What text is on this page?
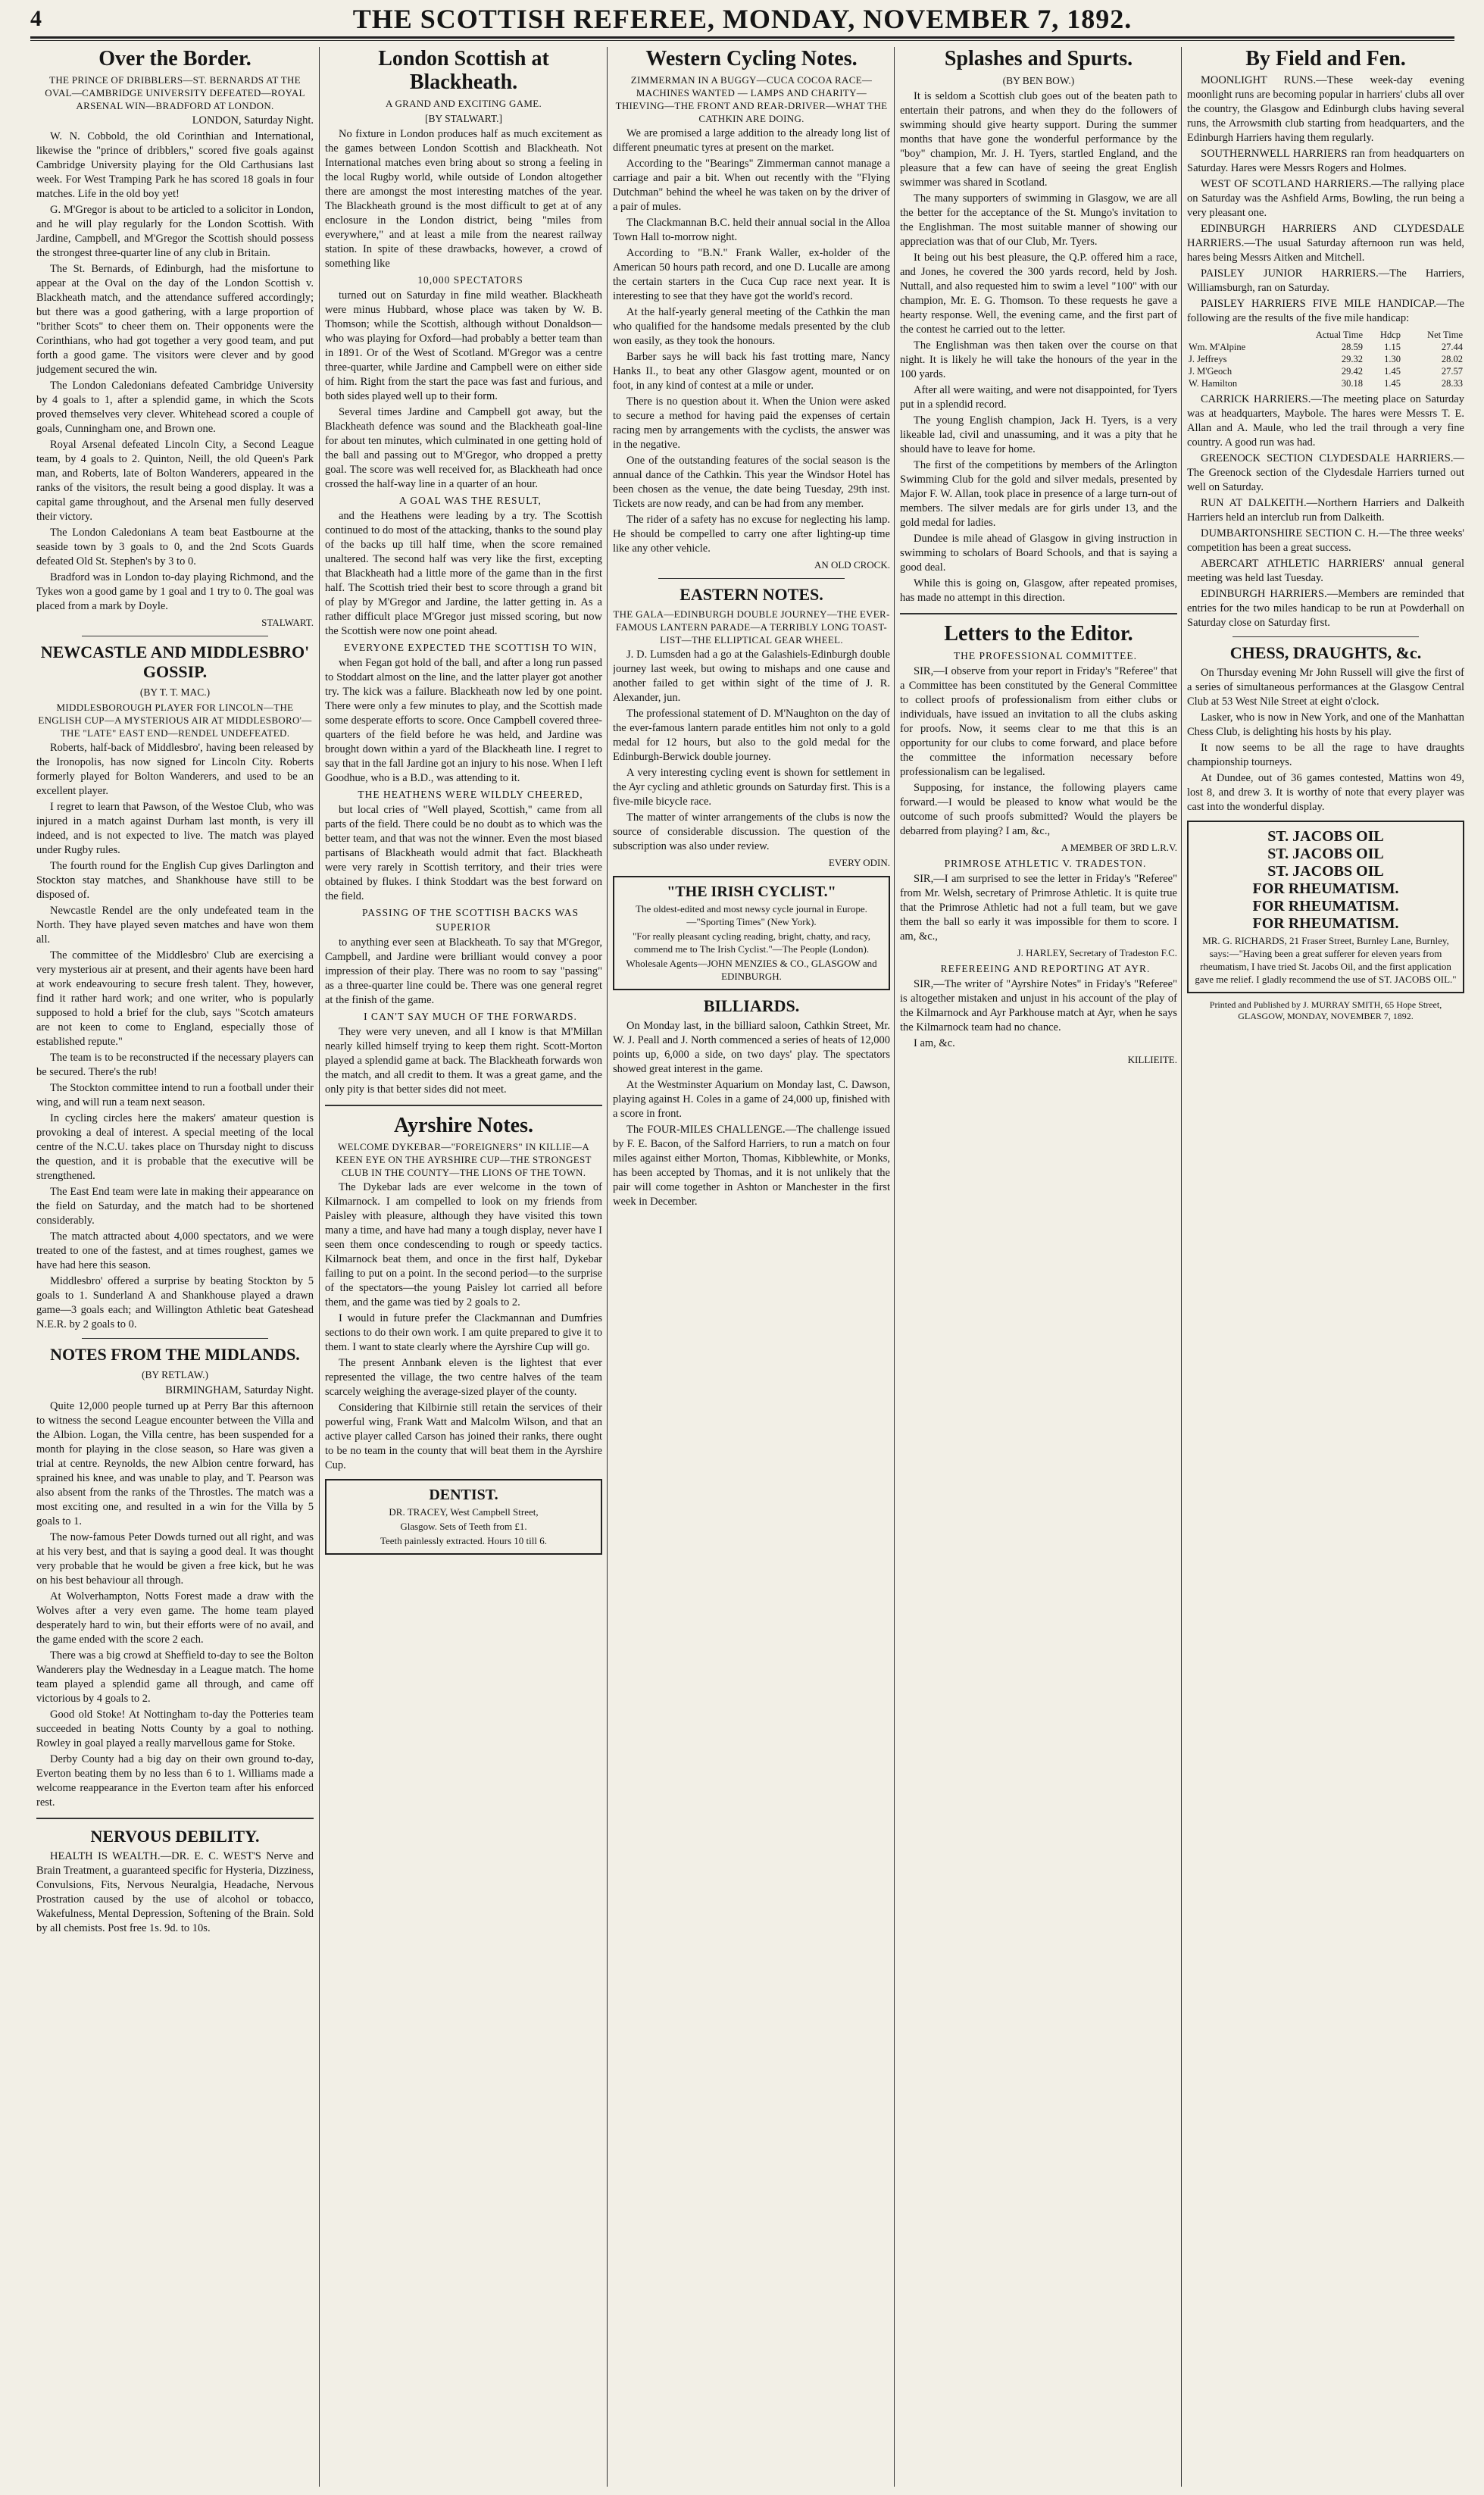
4	THE SCOTTISH REFEREE, MONDAY, NOVEMBER 7, 1892.
Over the Border.

THE PRINCE OF DRIBBLERS—ST. BERNARDS AT THE OVAL—CAMBRIDGE UNIVERSITY DEFEATED—ROYAL ARSENAL WIN—BRADFORD AT LONDON.

LONDON, Saturday Night.

W. N. Cobbold, the old Corinthian and International, likewise the "prince of dribblers," scored five goals against Cambridge University playing for the Old Carthusians last week. For West Tramping Park he has scored 18 goals in four matches. Life in the old boy yet!

G. M'Gregor is about to be articled to a solicitor in London, and he will play regularly for the London Scottish. With Jardine, Campbell, and M'Gregor the Scottish should possess the strongest three-quarter line of any club in Britain.

The St. Bernards, of Edinburgh, had the misfortune to appear at the Oval on the day of the London Scottish v. Blackheath match, and the attendance suffered accordingly; but there was a good gathering, with a large proportion of "brither Scots" to cheer them on. Their opponents were the Corinthians, who had got together a very good team, and put forth a good game. The visitors were clever and by good judgement secured the win.

The London Caledonians defeated Cambridge University by 4 goals to 1, after a splendid game, in which the Scots proved themselves very clever. Whitehead scored a couple of goals, Cunningham one, and Brown one.

Royal Arsenal defeated Lincoln City, a Second League team, by 4 goals to 2. Quinton, Neill, the old Queen's Park man, and Roberts, late of Bolton Wanderers, appeared in the ranks of the visitors, the result being a good display. It was a capital game throughout, and the Arsenal men fully deserved their victory.

The London Caledonians A team beat Eastbourne at the seaside town by 3 goals to 0, and the 2nd Scots Guards defeated Old St. Stephen's by 3 to 0.

Bradford was in London to-day playing Richmond, and the Tykes won a good game by 1 goal and 1 try to 0. The goal was placed from a mark by Doyle.

STALWART.

NEWCASTLE AND MIDDLESBRO' GOSSIP.

(BY T. T. MAC.)

MIDDLESBOROUGH PLAYER FOR LINCOLN—THE ENGLISH CUP—A MYSTERIOUS AIR AT MIDDLESBORO'—THE "LATE" EAST END—RENDEL UNDEFEATED.

Roberts, half-back of Middlesbro', having been released by the Ironopolis, has now signed for Lincoln City. Roberts formerly played for Bolton Wanderers, and used to be an excellent player.

I regret to learn that Pawson, of the Westoe Club, who was injured in a match against Durham last month, is very ill indeed, and is not expected to live. The match was played under Rugby rules.

The fourth round for the English Cup gives Darlington and Stockton stay matches, and Shankhouse have still to be disposed of.

Newcastle Rendel are the only undefeated team in the North. They have played seven matches and have won them all.

The committee of the Middlesbro' Club are exercising a very mysterious air at present, and their agents have been hard at work endeavouring to secure fresh talent. They, however, find it rather hard work; and one writer, who is popularly supposed to hold a brief for the club, says "Scotch amateurs are not keen to come to England, especially those of established repute."

The team is to be reconstructed if the necessary players can be secured. There's the rub!

The Stockton committee intend to run a football under their wing, and will run a team next season.

In cycling circles here the makers' amateur question is provoking a deal of interest. A special meeting of the local centre of the N.C.U. takes place on Thursday night to discuss the question, and it is probable that the executive will be strengthened.

The East End team were late in making their appearance on the field on Saturday, and the match had to be shortened considerably.

The match attracted about 4,000 spectators, and we were treated to one of the fastest, and at times roughest, games we have had here this season.

Middlesbro' offered a surprise by beating Stockton by 5 goals to 1. Sunderland A and Shankhouse played a drawn game—3 goals each; and Willington Athletic beat Gateshead N.E.R. by 2 goals to 0.

NOTES FROM THE MIDLANDS.

(BY RETLAW.)

BIRMINGHAM, Saturday Night.

Quite 12,000 people turned up at Perry Bar this afternoon to witness the second League encounter between the Villa and the Albion. Logan, the Villa centre, has been suspended for a month for playing in the close season, so Hare was given a trial at centre. Reynolds, the new Albion centre forward, has sprained his knee, and was unable to play, and T. Pearson was also absent from the ranks of the Throstles. The match was a most exciting one, and resulted in a win for the Villa by 5 goals to 1.

The now-famous Peter Dowds turned out all right, and was at his very best, and that is saying a good deal. It was thought very probable that he would be given a free kick, but he was on his best behaviour all through.

At Wolverhampton, Notts Forest made a draw with the Wolves after a very even game. The home team played desperately hard to win, but their efforts were of no avail, and the game ended with the score 2 each.

There was a big crowd at Sheffield to-day to see the Bolton Wanderers play the Wednesday in a League match. The home team played a splendid game all through, and came off victorious by 4 goals to 2.

Good old Stoke! At Nottingham to-day the Potteries team succeeded in beating Notts County by a goal to nothing. Rowley in goal played a really marvellous game for Stoke.

Derby County had a big day on their own ground to-day, Everton beating them by no less than 6 to 1. Williams made a welcome reappearance in the Everton team after his enforced rest.

NERVOUS DEBILITY.

HEALTH IS WEALTH.—DR. E. C. WEST'S Nerve and Brain Treatment, a guaranteed specific for Hysteria, Dizziness, Convulsions, Fits, Nervous Neuralgia, Headache, Nervous Prostration caused by the use of alcohol or tobacco, Wakefulness, Mental Depression, Softening of the Brain. Sold by all chemists. Post free 1s. 9d. to 10s.

London Scottish at Blackheath.

A GRAND AND EXCITING GAME.

[BY STALWART.]

No fixture in London produces half as much excitement as the games between London Scottish and Blackheath. Not International matches even bring about so strong a feeling in the local Rugby world, while outside of London altogether there are amongst the most interesting matches of the year. The Blackheath ground is the most difficult to get at of any enclosure in the London district, being "miles from everywhere," and at least a mile from the nearest railway station. In spite of these drawbacks, however, a crowd of something like

10,000 SPECTATORS

turned out on Saturday in fine mild weather. Blackheath were minus Hubbard, whose place was taken by W. B. Thomson; while the Scottish, although without Donaldson—who was playing for Oxford—had probably a better team than in 1891. Or of the West of Scotland. M'Gregor was a centre three-quarter, while Jardine and Campbell were on either side of him. Right from the start the pace was fast and furious, and both sides played well up to their form.

Several times Jardine and Campbell got away, but the Blackheath defence was sound and the Blackheath goal-line for about ten minutes, which culminated in one getting hold of the ball and passing out to M'Gregor, who dropped a pretty goal. The score was well received for, as Blackheath had once crossed the half-way line in a quarter of an hour.

A GOAL WAS THE RESULT,

and the Heathens were leading by a try. The Scottish continued to do most of the attacking, thanks to the sound play of the backs up till half time, when the score remained unaltered. The second half was very like the first, excepting that Blackheath had a little more of the game than in the first half. The Scottish tried their best to score through a grand bit of play by M'Gregor and Jardine, the latter getting in. As a rather difficult place M'Gregor just missed scoring, but now the Scottish were now one point ahead.

EVERYONE EXPECTED THE SCOTTISH TO WIN,

when Fegan got hold of the ball, and after a long run passed to Stoddart almost on the line, and the latter player got another try. The kick was a failure. Blackheath now led by one point. There were only a few minutes to play, and the Scottish made some desperate efforts to score. Once Campbell covered three-quarters of the field before he was held, and Jardine was brought down within a yard of the Blackheath line. I regret to say that in the fall Jardine got an injury to his nose. When I left Goodhue, who is a B.D., was attending to it.

THE HEATHENS WERE WILDLY CHEERED,

but local cries of "Well played, Scottish," came from all parts of the field. There could be no doubt as to which was the better team, and that was not the winner. Even the most biased partisans of Blackheath would admit that fact. Blackheath were very rarely in Scottish territory, and their tries were obtained by flukes. I think Stoddart was the best forward on the field.

PASSING OF THE SCOTTISH BACKS WAS SUPERIOR

to anything ever seen at Blackheath. To say that M'Gregor, Campbell, and Jardine were brilliant would convey a poor impression of their play. There was no room to say "passing" as a three-quarter line could be. There was one general regret at the finish of the game.

I CAN'T SAY MUCH OF THE FORWARDS.

They were very uneven, and all I know is that M'Millan nearly killed himself trying to keep them right. Scott-Morton played a splendid game at back. The Blackheath forwards won the match, and all credit to them. It was a great game, and the only pity is that better sides did not meet.

Ayrshire Notes.

WELCOME DYKEBAR—"FOREIGNERS" IN KILLIE—A KEEN EYE ON THE AYRSHIRE CUP—THE STRONGEST CLUB IN THE COUNTY—THE LIONS OF THE TOWN.

The Dykebar lads are ever welcome in the town of Kilmarnock. I am compelled to look on my friends from Paisley with pleasure, although they have visited this town many a time, and have had many a tough display, never have I seen them once condescending to rough or speedy tactics. Kilmarnock beat them, and once in the first half, Dykebar failing to put on a point. In the second period—to the surprise of the spectators—the young Paisley lot carried all before them, and the game was tied by 2 goals to 2.

I would in future prefer the Clackmannan and Dumfries sections to do their own work. I am quite prepared to give it to them. I want to state clearly where the Ayrshire Cup will go.

The present Annbank eleven is the lightest that ever represented the village, the two centre halves of the team scarcely weighing the average-sized player of the county.

Considering that Kilbirnie still retain the services of their powerful wing, Frank Watt and Malcolm Wilson, and that an active player called Carson has joined their ranks, there ought to be no team in the county that will beat them in the Ayrshire Cup.

DENTIST.
DR. TRACEY, West Campbell Street,
Glasgow. Sets of Teeth from £1.
Teeth painlessly extracted. Hours 10 till 6.
Western Cycling Notes.

ZIMMERMAN IN A BUGGY—CUCA COCOA RACE—MACHINES WANTED — LAMPS AND CHARITY—THIEVING—THE FRONT AND REAR-DRIVER—WHAT THE CATHKIN ARE DOING.

We are promised a large addition to the already long list of different pneumatic tyres at present on the market.

According to the "Bearings" Zimmerman cannot manage a carriage and pair a bit. When out recently with the "Flying Dutchman" behind the wheel he was taken on by the driver of a pair of mules.

The Clackmannan B.C. held their annual social in the Alloa Town Hall to-morrow night.

According to "B.N." Frank Waller, ex-holder of the American 50 hours path record, and one D. Lucalle are among the certain starters in the Cuca Cup race next year. It is interesting to see that they have got the world's record.

At the half-yearly general meeting of the Cathkin the man who qualified for the handsome medals presented by the club won easily, as they took the honours.

Barber says he will back his fast trotting mare, Nancy Hanks II., to beat any other Glasgow agent, mounted or on foot, in any kind of contest at a mile or under.

There is no question about it. When the Union were asked to secure a method for having paid the expenses of certain racing men by arrangements with the cyclists, the answer was in the negative.

One of the outstanding features of the social season is the annual dance of the Cathkin. This year the Windsor Hotel has been chosen as the venue, the date being Tuesday, 29th inst. Tickets are now ready, and can be had from any member.

The rider of a safety has no excuse for neglecting his lamp. He should be compelled to carry one after lighting-up time like any other vehicle.

AN OLD CROCK.

EASTERN NOTES.

THE GALA—EDINBURGH DOUBLE JOURNEY—THE EVER-FAMOUS LANTERN PARADE—A TERRIBLY LONG TOAST-LIST—THE ELLIPTICAL GEAR WHEEL.

J. D. Lumsden had a go at the Galashiels-Edinburgh double journey last week, but owing to mishaps and one cause and another failed to get within sight of the time of J. R. Alexander, jun.

The professional statement of D. M'Naughton on the day of the ever-famous lantern parade entitles him not only to a gold medal for 12 hours, but also to the gold medal for the Edinburgh-Berwick double journey.

A very interesting cycling event is shown for settlement in the Ayr cycling and athletic grounds on Saturday first. This is a five-mile bicycle race.

The matter of winter arrangements of the clubs is now the source of considerable discussion. The question of the subscription was also under review.

EVERY ODIN.

"THE IRISH CYCLIST."
The oldest-edited and most newsy cycle journal in Europe.—"Sporting Times" (New York).
"For really pleasant cycling reading, bright, chatty, and racy, commend me to The Irish Cyclist."—The People (London).
Wholesale Agents—JOHN MENZIES & CO., GLASGOW and EDINBURGH.
BILLIARDS.

On Monday last, in the billiard saloon, Cathkin Street, Mr. W. J. Peall and J. North commenced a series of heats of 12,000 points up, 6,000 a side, on two days' play. The spectators showed great interest in the game.

At the Westminster Aquarium on Monday last, C. Dawson, playing against H. Coles in a game of 24,000 up, finished with a score in front.

The FOUR-MILES CHALLENGE.—The challenge issued by F. E. Bacon, of the Salford Harriers, to run a match on four miles against either Morton, Thomas, Kibblewhite, or Monks, has been accepted by Thomas, and it is not unlikely that the pair will come together in Ashton or Manchester in the first week in December.

Splashes and Spurts.

(BY BEN BOW.)

It is seldom a Scottish club goes out of the beaten path to entertain their patrons, and when they do the followers of swimming should give hearty support. During the summer months that have gone the wonderful performance by the "boy" champion, Mr. J. H. Tyers, startled England, and the pleasure that a few can have of seeing the great English swimmer was shared in Scotland.

The many supporters of swimming in Glasgow, we are all the better for the acceptance of the St. Mungo's invitation to the Englishman. The most suitable manner of showing our appreciation was that of our Club, Mr. Tyers.

It being out his best pleasure, the Q.P. offered him a race, and Jones, he covered the 300 yards record, held by Josh. Nuttall, and also requested him to swim a level "100" with our champion, Mr. E. G. Thomson. To these requests he gave a hearty response. Well, the evening came, and the first part of the contest he carried out to the letter.

The Englishman was then taken over the course on that night. It is likely he will take the honours of the year in the 100 yards.

After all were waiting, and were not disappointed, for Tyers put in a splendid record.

The young English champion, Jack H. Tyers, is a very likeable lad, civil and unassuming, and it was a pity that he should have to leave for home.

The first of the competitions by members of the Arlington Swimming Club for the gold and silver medals, presented by Major F. W. Allan, took place in presence of a large turn-out of members. The silver medals are for girls under 13, and the gold medal for ladies.

Dundee is mile ahead of Glasgow in giving instruction in swimming to scholars of Board Schools, and that is saying a good deal.

While this is going on, Glasgow, after repeated promises, has made no attempt in this direction.

Letters to the Editor.

THE PROFESSIONAL COMMITTEE.

SIR,—I observe from your report in Friday's "Referee" that a Committee has been constituted by the General Committee to collect proofs of professionalism from either clubs or individuals, have issued an invitation to all the clubs asking for proofs. Now, it seems clear to me that this is an opportunity for our clubs to come forward, and place before the committee the information necessary before professionalism can be legalised.

Supposing, for instance, the following players came forward.—I would be pleased to know what would be the outcome of such proofs submitted? Would the players be debarred from playing? I am, &c.,

A MEMBER OF 3RD L.R.V.

PRIMROSE ATHLETIC V. TRADESTON.

SIR,—I am surprised to see the letter in Friday's "Referee" from Mr. Welsh, secretary of Primrose Athletic. It is quite true that the Primrose Athletic had not a full team, but we gave them the ball so early it was impossible for them to score. I am, &c.,

J. HARLEY, Secretary of Tradeston F.C.

REFEREEING AND REPORTING AT AYR.

SIR,—The writer of "Ayrshire Notes" in Friday's "Referee" is altogether mistaken and unjust in his account of the play of the Kilmarnock and Ayr Parkhouse match at Ayr, when he says the Kilmarnock team had no chance.

I am, &c.

KILLIEITE.

By Field and Fen.

MOONLIGHT RUNS.—These week-day evening moonlight runs are becoming popular in harriers' clubs all over the country, the Glasgow and Edinburgh clubs having several runs, the Arrowsmith club starting from headquarters, and the Edinburgh Harriers having them regularly.

SOUTHERNWELL HARRIERS ran from headquarters on Saturday. Hares were Messrs Rogers and Holmes.

WEST OF SCOTLAND HARRIERS.—The rallying place on Saturday was the Ashfield Arms, Bowling, the run being a very pleasant one.

EDINBURGH HARRIERS AND CLYDESDALE HARRIERS.—The usual Saturday afternoon run was held, hares being Messrs Aitken and Mitchell.

PAISLEY JUNIOR HARRIERS.—The Harriers, Williamsburgh, ran on Saturday.

PAISLEY HARRIERS FIVE MILE HANDICAP.—The following are the results of the five mile handicap:

	Actual Time	Hdcp	Net Time
Wm. M'Alpine	28.59	1.15	27.44
J. Jeffreys	29.32	1.30	28.02
J. M'Geoch	29.42	1.45	27.57
W. Hamilton	30.18	1.45	28.33

CARRICK HARRIERS.—The meeting place on Saturday was at headquarters, Maybole. The hares were Messrs T. E. Allan and A. Maule, who led the trail through a very fine country. A good run was had.

GREENOCK SECTION CLYDESDALE HARRIERS.—The Greenock section of the Clydesdale Harriers turned out well on Saturday.

RUN AT DALKEITH.—Northern Harriers and Dalkeith Harriers held an interclub run from Dalkeith.

DUMBARTONSHIRE SECTION C. H.—The three weeks' competition has been a great success.

ABERCART ATHLETIC HARRIERS' annual general meeting was held last Tuesday.

EDINBURGH HARRIERS.—Members are reminded that entries for the two miles handicap to be run at Powderhall on Saturday close on Saturday first.

CHESS, DRAUGHTS, &c.

On Thursday evening Mr John Russell will give the first of a series of simultaneous performances at the Glasgow Central Club at 53 West Nile Street at eight o'clock.

Lasker, who is now in New York, and one of the Manhattan Chess Club, is delighting his hosts by his play.

It now seems to be all the rage to have draughts championship tourneys.

At Dundee, out of 36 games contested, Mattins won 49, lost 8, and drew 3. It is worthy of note that every player was cast into the wonderful display.

ST. JACOBS OIL
ST. JACOBS OIL
ST. JACOBS OIL
FOR RHEUMATISM.
FOR RHEUMATISM.
FOR RHEUMATISM.
MR. G. RICHARDS, 21 Fraser Street, Burnley Lane, Burnley, says:—"Having been a great sufferer for eleven years from rheumatism, I have tried St. Jacobs Oil, and the first application gave me relief. I gladly recommend the use of ST. JACOBS OIL."
Printed and Published by J. MURRAY SMITH, 65 Hope Street, GLASGOW, MONDAY, NOVEMBER 7, 1892.
